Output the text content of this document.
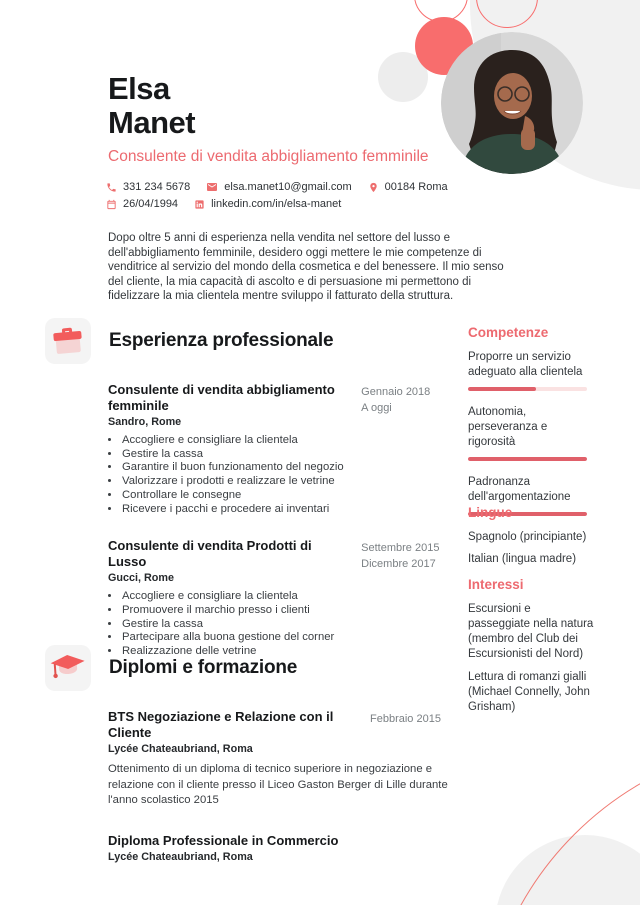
Elsa
Manet
Consulente di vendita abbigliamento femminile
331 234 5678	elsa.manet10@gmail.com	00184 Roma
26/04/1994	linkedin.com/in/elsa-manet
Dopo oltre 5 anni di esperienza nella vendita nel settore del lusso e dell'abbigliamento femminile, desidero oggi mettere le mie competenze di venditrice al servizio del mondo della cosmetica e del benessere. Il mio senso del cliente, la mia capacità di ascolto e di persuasione mi permettono di fidelizzare la mia clientela mentre sviluppo il fatturato della struttura.
Esperienza professionale
Consulente di vendita abbigliamento femminile
Sandro, Rome
• Accogliere e consigliare la clientela
• Gestire la cassa
• Garantire il buon funzionamento del negozio
• Valorizzare i prodotti e realizzare le vetrine
• Controllare le consegne
• Ricevere i pacchi e procedere ai inventari
Gennaio 2018
A oggi
Consulente di vendita Prodotti di Lusso
Gucci, Rome
• Accogliere e consigliare la clientela
• Promuovere il marchio presso i clienti
• Gestire la cassa
• Partecipare alla buona gestione del corner
• Realizzazione delle vetrine
Settembre 2015
Dicembre 2017
Diplomi e formazione
BTS Negoziazione e Relazione con il Cliente
Lycée Chateaubriand, Roma
Ottenimento di un diploma di tecnico superiore in negoziazione e relazione con il cliente presso il Liceo Gaston Berger di Lille durante l'anno scolastico 2015
Febbraio 2015
Diploma Professionale in Commercio
Lycée Chateaubriand, Roma
Competenze
Proporre un servizio adeguato alla clientela
Autonomia, perseveranza e rigorosità
Padronanza dell'argomentazione
Lingue
Spagnolo (principiante)
Italian (lingua madre)
Interessi
Escursioni e passeggiate nella natura (membro del Club dei Escursionisti del Nord)
Lettura di romanzi gialli (Michael Connelly, John Grisham)
